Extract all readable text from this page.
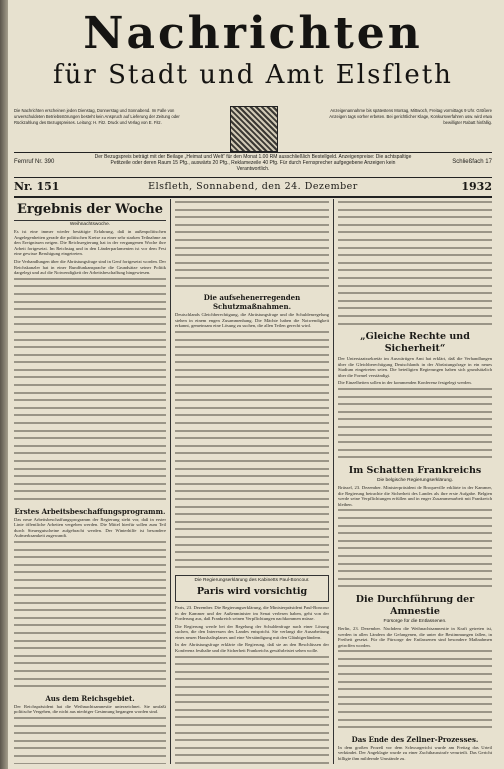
Nachrichten

für Stadt und Amt Elsfleth

Die Nachrichten erscheinen jeden Dienstag, Donnerstag und Sonnabend. Im Falle von unverschuldeten Betriebsstörungen besteht kein Anspruch auf Lieferung der Zeitung oder Rückzahlung des Bezugspreises. Leitung: H. Fitz. Druck und Verlag von E. Fitz.
Anzeigenannahme bis spätestens Montag, Mittwoch, Freitag vormittags 9 Uhr. Größere Anzeigen tags vorher erbeten. Bei gerichtlicher Klage, Konkursverfahren usw. wird etwa bewilligter Rabatt hinfällig.
Fernruf Nr. 390
Der Bezugspreis beträgt mit der Beilage „Heimat und Welt“ für den Monat 1.00 RM ausschließlich Bestellgeld. Anzeigenpreise: Die achtspaltige Petitzeile oder deren Raum 15 Pfg., auswärts 20 Pfg., Reklamezeile 40 Pfg. Für durch Fernsprecher aufgegebene Anzeigen kein Verantwortlich.
Schließfach 17
Nr. 151	Elsfleth, Sonnabend, den 24. Dezember	1932

Ergebnis der Woche

Weihnachtswoche.

Es ist eine immer wieder bestätigte Erfahrung, daß in außenpolitischen Angelegenheiten gerade die politischen Kreise zu einer sehr starken Teilnahme an den Ereignissen neigen. Die Reichsregierung hat in der vergangenen Woche ihre Arbeit fortgesetzt. Im Reichstag und in den Länderparlamenten ist vor dem Fest eine gewisse Beruhigung eingetreten.

Die Verhandlungen über die Abrüstungsfrage sind in Genf fortgesetzt worden. Der Reichskanzler hat in einer Rundfunkansprache die Grundsätze seiner Politik dargelegt und auf die Notwendigkeit der Arbeitsbeschaffung hingewiesen.

Erstes Arbeitsbeschaffungsprogramm.

Das neue Arbeitsbeschaffungsprogramm der Regierung sieht vor, daß in erster Linie öffentliche Arbeiten vergeben werden. Die Mittel hierfür sollen zum Teil durch Steuergutscheine aufgebracht werden. Der Winterhilfe ist besondere Aufmerksamkeit zugewandt.

Aus dem Reichsgebiet.

Der Reichspräsident hat die Weihnachtsamnestie unterzeichnet. Sie umfaßt politische Vergehen, die nicht aus niedriger Gesinnung begangen worden sind.

Die aufsehenerregenden Schutzmaßnahmen.

Deutschlands Gleichberechtigung, die Abrüstungsfrage und die Schuldenregelung stehen in einem engen Zusammenhang. Die Mächte haben die Notwendigkeit erkannt, gemeinsam eine Lösung zu suchen, die allen Teilen gerecht wird.

Die Regierungserklärung des Kabinetts Paul-Boncour.

Paris wird vorsichtig

Paris, 23. Dezember. Die Regierungserklärung, die Ministerpräsident Paul-Boncour in der Kammer und der Außenminister im Senat verlesen haben, geht von der Forderung aus, daß Frankreich seinen Verpflichtungen nachkommen müsse.

Die Regierung werde bei der Regelung der Schuldenfrage nach einer Lösung suchen, die den Interessen des Landes entspricht. Sie verlangt die Ausarbeitung eines neuen Haushaltsplanes und eine Verständigung mit den Gläubigerländern.

In der Abrüstungsfrage erklärte die Regierung, daß sie an den Beschlüssen der Konferenz festhalte und die Sicherheit Frankreichs gewährleistet sehen wolle.

„Gleiche Rechte und Sicherheit“

Der Unterstaatssekretär im Auswärtigen Amt hat erklärt, daß die Verhandlungen über die Gleichberechtigung Deutschlands in der Abrüstungsfrage in ein neues Stadium eingetreten seien. Die beteiligten Regierungen haben sich grundsätzlich über die Formel verständigt.

Die Einzelheiten sollen in der kommenden Konferenz festgelegt werden.

Im Schatten Frankreichs

Die belgische Regierungserklärung.

Brüssel, 23. Dezember. Ministerpräsident de Broqueville erklärte in der Kammer, die Regierung betrachte die Sicherheit des Landes als ihre erste Aufgabe. Belgien werde seine Verpflichtungen erfüllen und in enger Zusammenarbeit mit Frankreich bleiben.

Die Durchführung der Amnestie

Fürsorge für die Entlassenen.

Berlin, 23. Dezember. Nachdem die Weihnachtsamnestie in Kraft getreten ist, werden in allen Ländern die Gefangenen, die unter die Bestimmungen fallen, in Freiheit gesetzt. Für die Fürsorge der Entlassenen sind besondere Maßnahmen getroffen worden.

Das Ende des Zellner-Prozesses.

In dem großen Prozeß vor dem Schwurgericht wurde am Freitag das Urteil verkündet. Der Angeklagte wurde zu einer Zuchthausstrafe verurteilt. Das Gericht billigte ihm mildernde Umstände zu.
